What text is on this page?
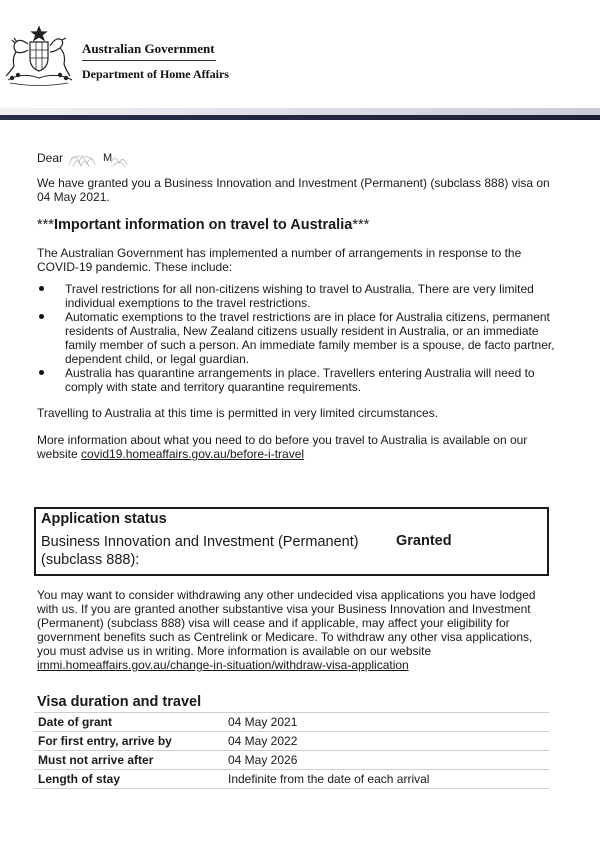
Australian Government
Department of Home Affairs
Dear	M

We have granted you a Business Innovation and Investment (Permanent) (subclass 888) visa on 04 May 2021.

***Important information on travel to Australia***

The Australian Government has implemented a number of arrangements in response to the COVID-19 pandemic. These include:

Travel restrictions for all non-citizens wishing to travel to Australia. There are very limited individual exemptions to the travel restrictions.
Automatic exemptions to the travel restrictions are in place for Australia citizens, permanent residents of Australia, New Zealand citizens usually resident in Australia, or an immediate family member of such a person. An immediate family member is a spouse, de facto partner, dependent child, or legal guardian.
Australia has quarantine arrangements in place. Travellers entering Australia will need to comply with state and territory quarantine requirements.

Travelling to Australia at this time is permitted in very limited circumstances.

More information about what you need to do before you travel to Australia is available on our website covid19.homeaffairs.gov.au/before-i-travel

Application status
Business Innovation and Investment (Permanent) (subclass 888):
Granted

You may want to consider withdrawing any other undecided visa applications you have lodged with us. If you are granted another substantive visa your Business Innovation and Investment (Permanent) (subclass 888) visa will cease and if applicable, may affect your eligibility for government benefits such as Centrelink or Medicare. To withdraw any other visa applications, you must advise us in writing. More information is available on our website immi.homeaffairs.gov.au/change-in-situation/withdraw-visa-application

Visa duration and travel
Date of grant	04 May 2021
For first entry, arrive by	04 May 2022
Must not arrive after	04 May 2026
Length of stay	Indefinite from the date of each arrival
